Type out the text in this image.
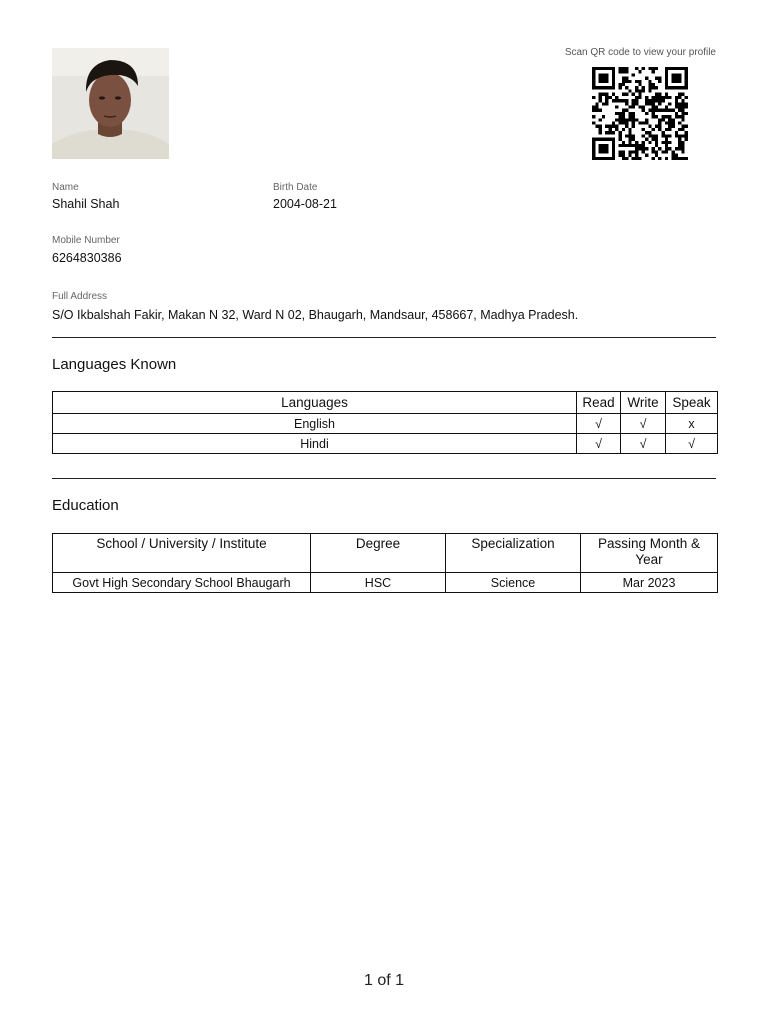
Scan QR code to view your profile
Name
Shahil Shah
Birth Date
2004-08-21
Mobile Number
6264830386
Full Address
S/O Ikbalshah Fakir, Makan N 32, Ward N 02, Bhaugarh, Mandsaur, 458667, Madhya Pradesh.
Languages Known
Languages	Read	Write	Speak
English	√	√	x
Hindi	√	√	√
Education
School / University / Institute	Degree	Specialization	Passing Month & Year
Govt High Secondary School Bhaugarh	HSC	Science	Mar 2023
1 of 1
